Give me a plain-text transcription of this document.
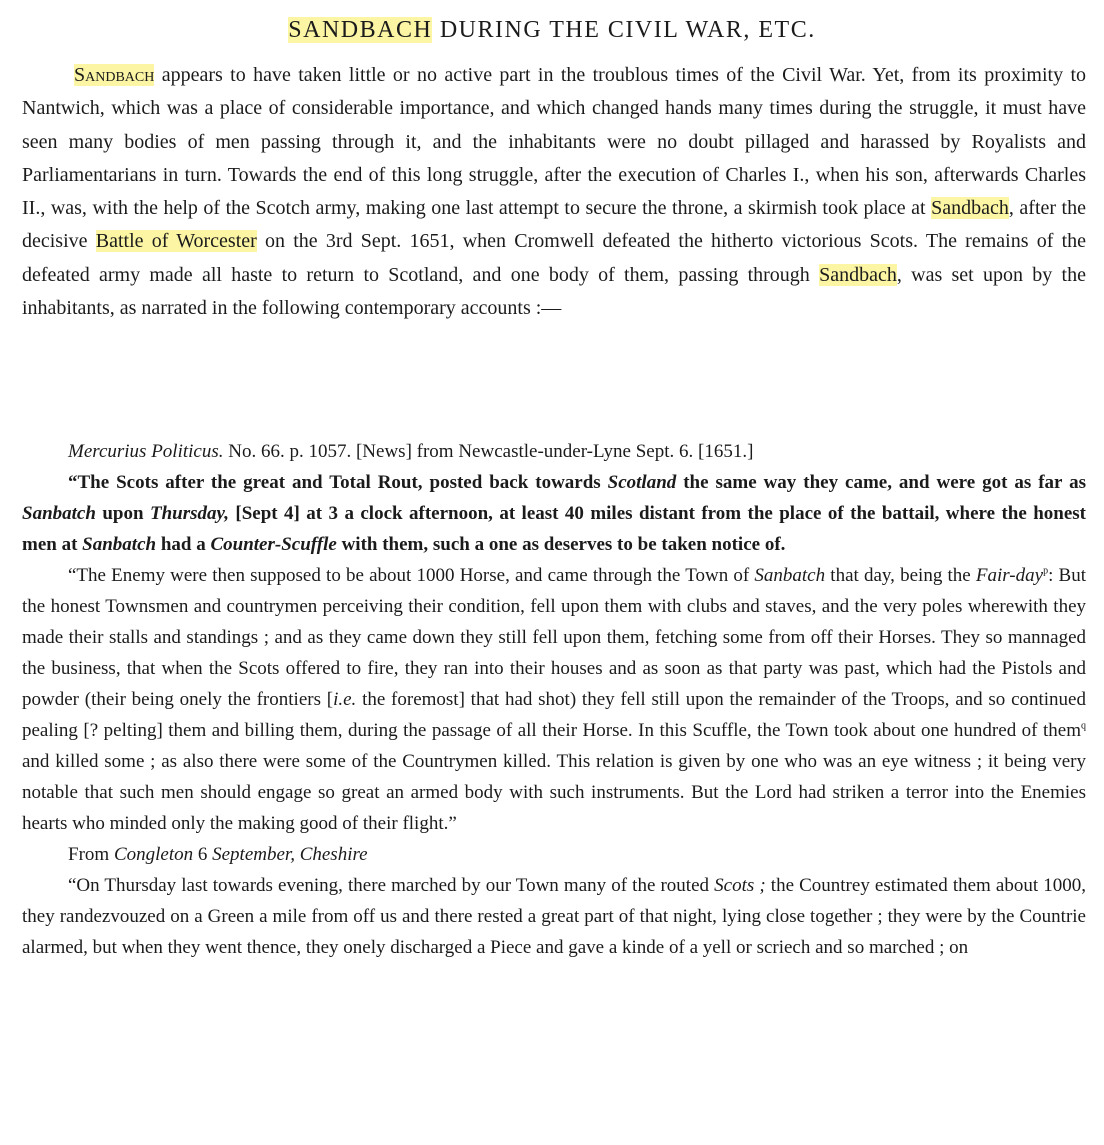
SANDBACH DURING THE CIVIL WAR, ETC.

Sandbach appears to have taken little or no active part in the troublous times of the Civil War. Yet, from its proximity to Nantwich, which was a place of considerable importance, and which changed hands many times during the struggle, it must have seen many bodies of men passing through it, and the inhabitants were no doubt pillaged and harassed by Royalists and Parliamentarians in turn. Towards the end of this long struggle, after the execution of Charles I., when his son, afterwards Charles II., was, with the help of the Scotch army, making one last attempt to secure the throne, a skirmish took place at Sandbach, after the decisive Battle of Worcester on the 3rd Sept. 1651, when Cromwell defeated the hitherto victorious Scots. The remains of the defeated army made all haste to return to Scotland, and one body of them, passing through Sandbach, was set upon by the inhabitants, as narrated in the following contemporary accounts :—

Mercurius Politicus. No. 66. p. 1057. [News] from Newcastle-under-Lyne Sept. 6. [1651.]

“The Scots after the great and Total Rout, posted back towards Scotland the same way they came, and were got as far as Sanbatch upon Thursday, [Sept 4] at 3 a clock afternoon, at least 40 miles distant from the place of the battail, where the honest men at Sanbatch had a Counter-Scuffle with them, such a one as deserves to be taken notice of.

“The Enemy were then supposed to be about 1000 Horse, and came through the Town of Sanbatch that day, being the Fair-day$^p$: But the honest Townsmen and countrymen perceiving their condition, fell upon them with clubs and staves, and the very poles wherewith they made their stalls and standings ; and as they came down they still fell upon them, fetching some from off their Horses. They so mannaged the business, that when the Scots offered to fire, they ran into their houses and as soon as that party was past, which had the Pistols and powder (their being onely the frontiers [i.e. the foremost] that had shot) they fell still upon the remainder of the Troops, and so continued pealing [? pelting] them and billing them, during the passage of all their Horse. In this Scuffle, the Town took about one hundred of them$^q$ and killed some ; as also there were some of the Countrymen killed. This relation is given by one who was an eye witness ; it being very notable that such men should engage so great an armed body with such instruments. But the Lord had striken a terror into the Enemies hearts who minded only the making good of their flight.”

From Congleton 6 September, Cheshire

“On Thursday last towards evening, there marched by our Town many of the routed Scots ; the Countrey estimated them about 1000, they randezvouzed on a Green a mile from off us and there rested a great part of that night, lying close together ; they were by the Countrie alarmed, but when they went thence, they onely discharged a Piece and gave a kinde of a yell or scriech and so marched ; on
